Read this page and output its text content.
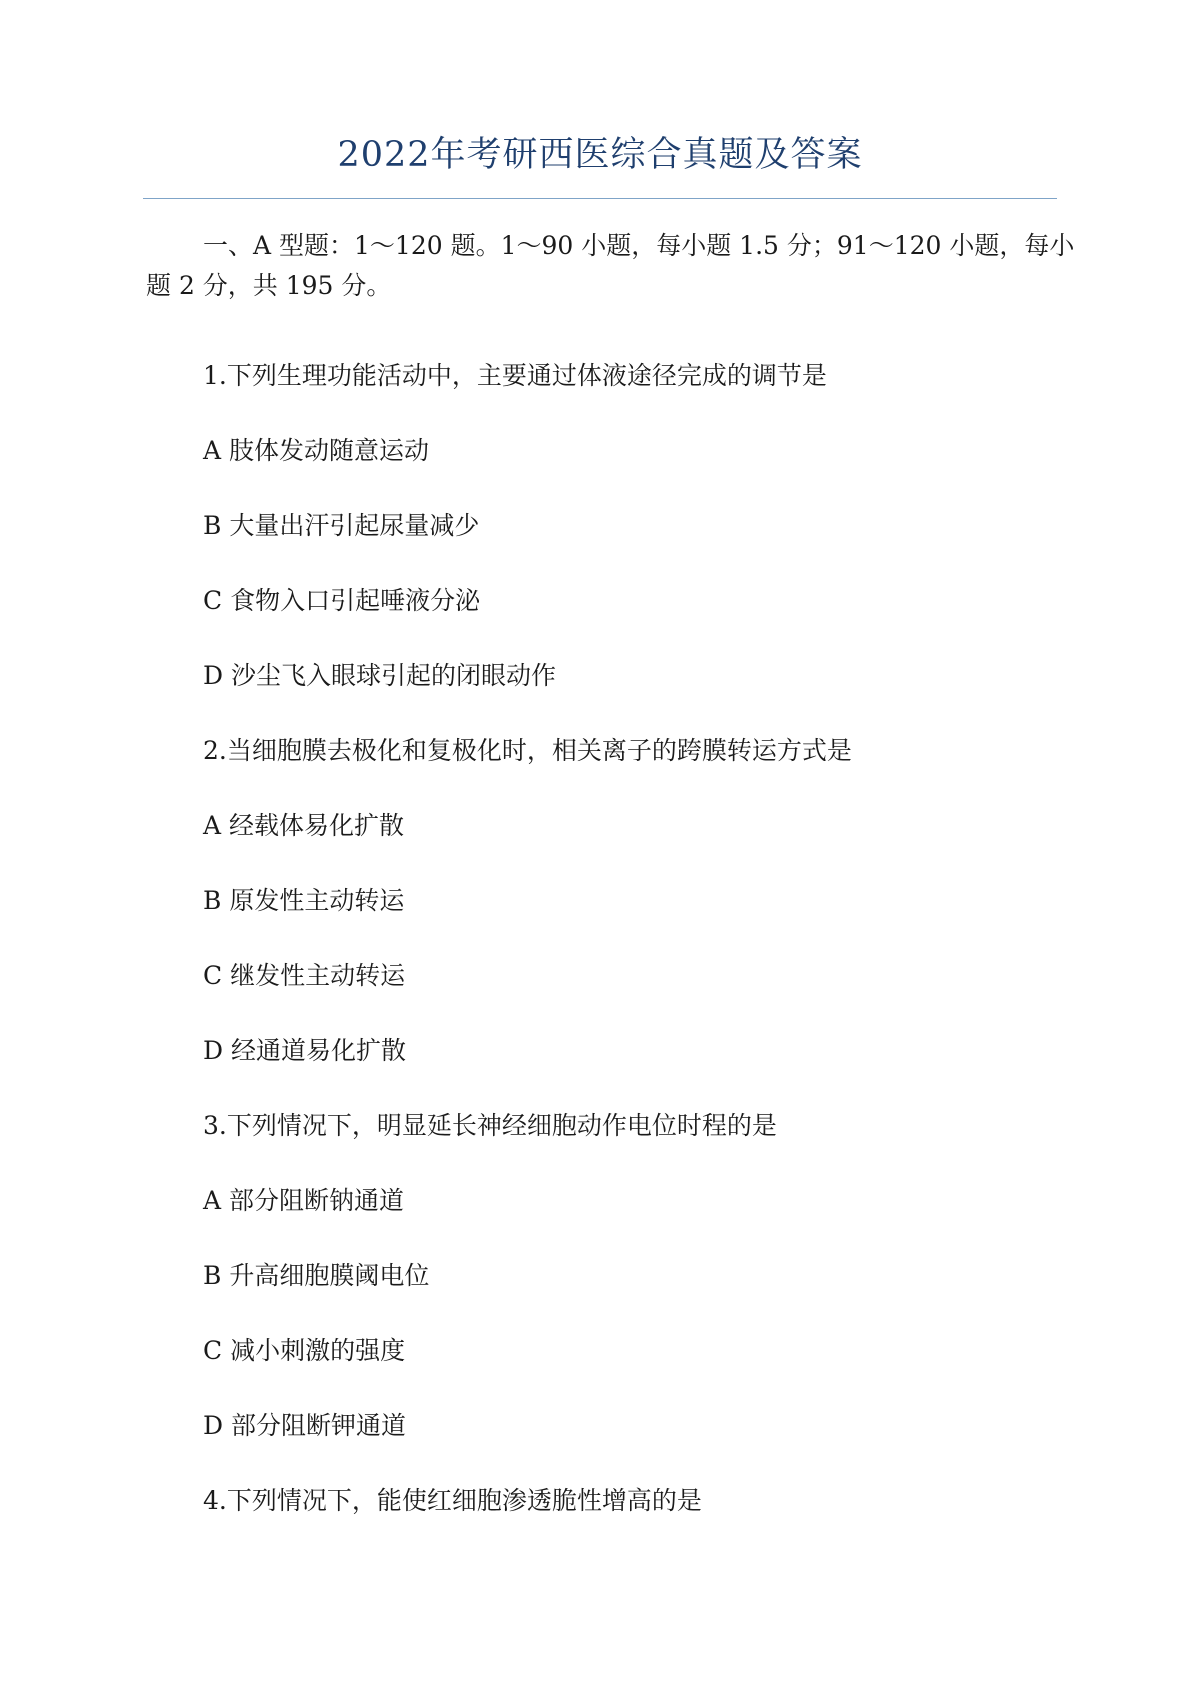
2022年考研西医综合真题及答案
一、A 型题：1～120 题。1～90 小题，每小题 1.5 分；91～120 小题，每小题 2 分，共 195 分。
1.下列生理功能活动中，主要通过体液途径完成的调节是
A 肢体发动随意运动
B 大量出汗引起尿量减少
C 食物入口引起唾液分泌
D 沙尘飞入眼球引起的闭眼动作
2.当细胞膜去极化和复极化时，相关离子的跨膜转运方式是
A 经载体易化扩散
B 原发性主动转运
C 继发性主动转运
D 经通道易化扩散
3.下列情况下，明显延长神经细胞动作电位时程的是
A 部分阻断钠通道
B 升高细胞膜阈电位
C 减小刺激的强度
D 部分阻断钾通道
4.下列情况下，能使红细胞渗透脆性增高的是
